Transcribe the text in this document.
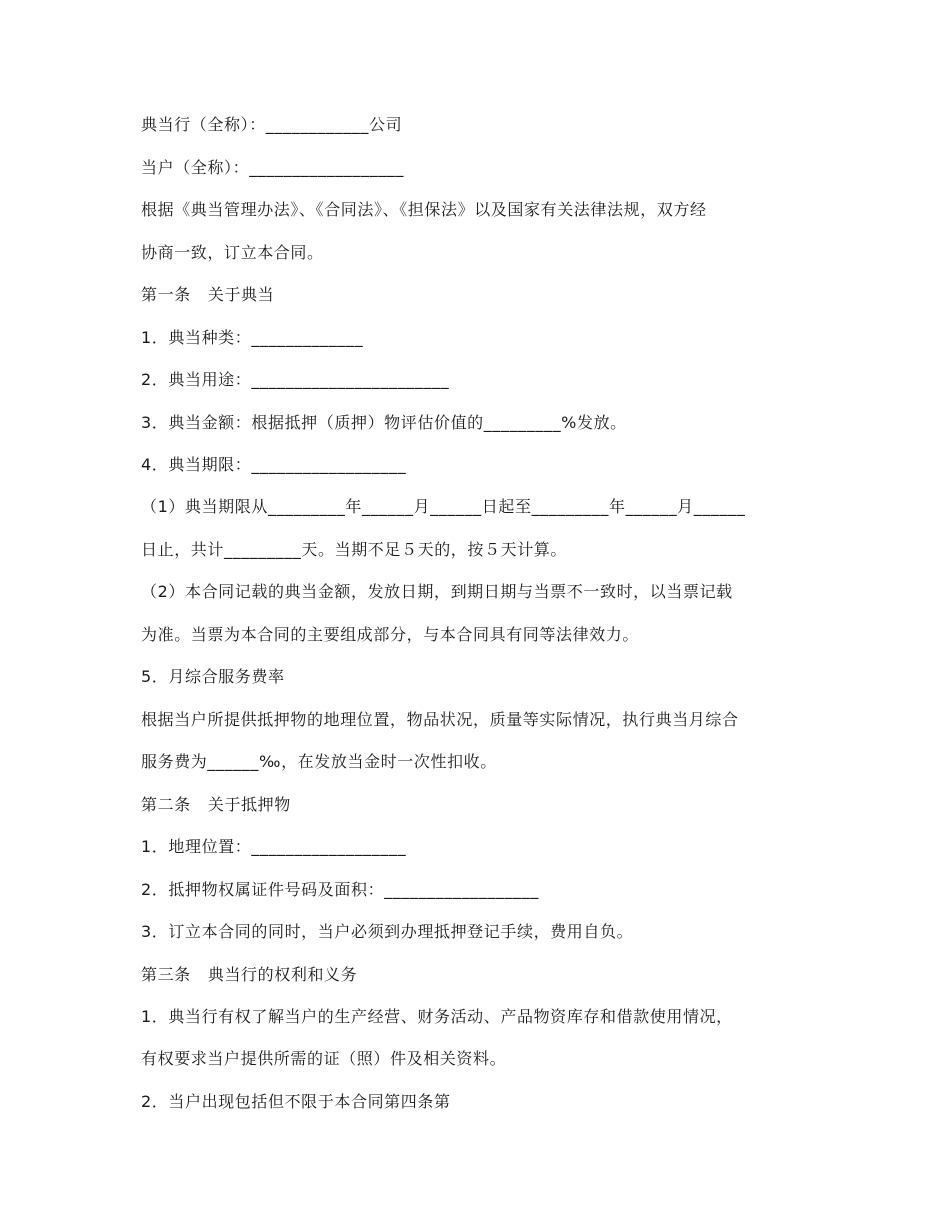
典当行（全称）：____________公司
当户（全称）：__________________
根据《典当管理办法》、《合同法》、《担保法》以及国家有关法律法规，双方经
协商一致，订立本合同。
第一条   关于典当
1．典当种类：_____________
2．典当用途：_______________________
3．典当金额：根据抵押（质押）物评估价值的_________%发放。
4．典当期限：__________________
（1）典当期限从_________年______月______日起至_________年______月______
日止，共计_________天。当期不足５天的，按５天计算。
（2）本合同记载的典当金额，发放日期，到期日期与当票不一致时，以当票记载
为准。当票为本合同的主要组成部分，与本合同具有同等法律效力。
5．月综合服务费率
根据当户所提供抵押物的地理位置，物品状况，质量等实际情况，执行典当月综合
服务费为______‰，在发放当金时一次性扣收。
第二条   关于抵押物
1．地理位置：__________________
2．抵押物权属证件号码及面积：__________________
3．订立本合同的同时，当户必须到办理抵押登记手续，费用自负。
第三条   典当行的权利和义务
1．典当行有权了解当户的生产经营、财务活动、产品物资库存和借款使用情况，
有权要求当户提供所需的证（照）件及相关资料。
2．当户出现包括但不限于本合同第四条第
